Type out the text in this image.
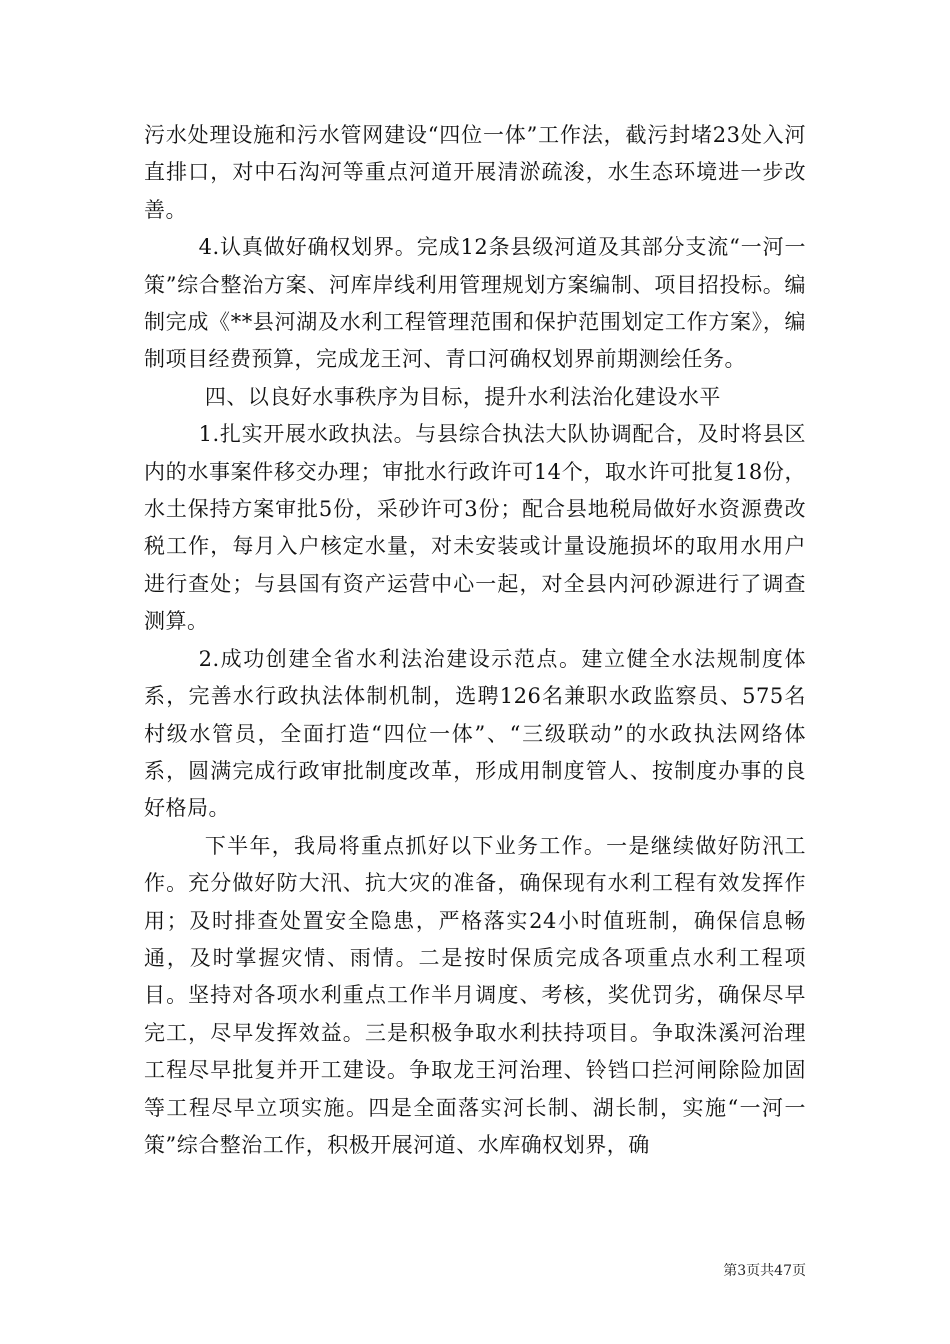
污水处理设施和污水管网建设“四位一体”工作法，截污封堵23处入河直排口，对中石沟河等重点河道开展清淤疏浚，水生态环境进一步改善。

4.认真做好确权划界。完成12条县级河道及其部分支流“一河一策”综合整治方案、河库岸线利用管理规划方案编制、项目招投标。编制完成《**县河湖及水利工程管理范围和保护范围划定工作方案》，编制项目经费预算，完成龙王河、青口河确权划界前期测绘任务。

四、以良好水事秩序为目标，提升水利法治化建设水平

1.扎实开展水政执法。与县综合执法大队协调配合，及时将县区内的水事案件移交办理；审批水行政许可14个，取水许可批复18份，水土保持方案审批5份，采砂许可3份；配合县地税局做好水资源费改税工作，每月入户核定水量，对未安装或计量设施损坏的取用水用户进行查处；与县国有资产运营中心一起，对全县内河砂源进行了调查测算。

2.成功创建全省水利法治建设示范点。建立健全水法规制度体系，完善水行政执法体制机制，选聘126名兼职水政监察员、575名村级水管员，全面打造“四位一体”、“三级联动”的水政执法网络体系，圆满完成行政审批制度改革，形成用制度管人、按制度办事的良好格局。

下半年，我局将重点抓好以下业务工作。一是继续做好防汛工作。充分做好防大汛、抗大灾的准备，确保现有水利工程有效发挥作用；及时排查处置安全隐患，严格落实24小时值班制，确保信息畅通，及时掌握灾情、雨情。二是按时保质完成各项重点水利工程项目。坚持对各项水利重点工作半月调度、考核，奖优罚劣，确保尽早完工，尽早发挥效益。三是积极争取水利扶持项目。争取洙溪河治理工程尽早批复并开工建设。争取龙王河治理、铃铛口拦河闸除险加固等工程尽早立项实施。四是全面落实河长制、湖长制，实施“一河一策”综合整治工作，积极开展河道、水库确权划界，确

第3页共47页
